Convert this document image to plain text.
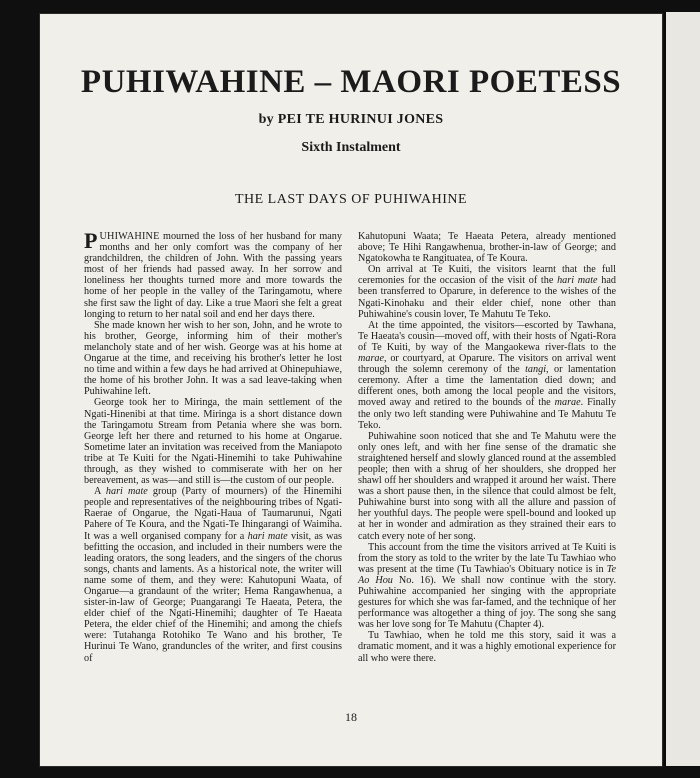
PUHIWAHINE – MAORI POETESS
by PEI TE HURINUI JONES
Sixth Instalment
THE LAST DAYS OF PUHIWAHINE

PUHIWAHINE mourned the loss of her husband for many months and her only comfort was the company of her grandchildren, the children of John. With the passing years most of her friends had passed away. In her sorrow and loneliness her thoughts turned more and more towards the home of her people in the valley of the Taringamotu, where she first saw the light of day. Like a true Maori she felt a great longing to return to her natal soil and end her days there.

She made known her wish to her son, John, and he wrote to his brother, George, informing him of their mother's melancholy state and of her wish. George was at his home at Ongarue at the time, and receiving his brother's letter he lost no time and within a few days he had arrived at Ohinepuhiawe, the home of his brother John. It was a sad leave-taking when Puhiwahine left.

George took her to Miringa, the main settlement of the Ngati-Hinenibi at that time. Miringa is a short distance down the Taringamotu Stream from Petania where she was born. George left her there and returned to his home at Ongarue. Sometime later an invitation was received from the Maniapoto tribe at Te Kuiti for the Ngati-Hinemihi to take Puhiwahine through, as they wished to commiserate with her on her bereavement, as was—and still is—the custom of our people.

A hari mate group (Party of mourners) of the Hinemihi people and representatives of the neighbouring tribes of Ngati-Raerae of Ongarue, the Ngati-Haua of Taumarunui, Ngati Pahere of Te Koura, and the Ngati-Te Ihingarangi of Waimiha. It was a well organised company for a hari mate visit, as was befitting the occasion, and included in their numbers were the leading orators, the song leaders, and the singers of the chorus songs, chants and laments. As a historical note, the writer will name some of them, and they were: Kahutopuni Waata, of Ongarue—a grandaunt of the writer; Hema Rangawhenua, a sister-in-law of George; Puangarangi Te Haeata, Petera, the elder chief of the Ngati-Hinemihi; daughter of Te Haeata Petera, the elder chief of the Hinemihi; and among the chiefs were: Tutahanga Rotohiko Te Wano and his brother, Te Hurinui Te Wano, granduncles of the writer, and first cousins of

Kahutopuni Waata; Te Haeata Petera, already mentioned above; Te Hihi Rangawhenua, brother-in-law of George; and Ngatokowha te Rangituatea, of Te Koura.

On arrival at Te Kuiti, the visitors learnt that the full ceremonies for the occasion of the visit of the hari mate had been transferred to Oparure, in deference to the wishes of the Ngati-Kinohaku and their elder chief, none other than Puhiwahine's cousin lover, Te Mahutu Te Teko.

At the time appointed, the visitors—escorted by Tawhana, Te Haeata's cousin—moved off, with their hosts of Ngati-Rora of Te Kuiti, by way of the Mangaokewa river-flats to the marae, or courtyard, at Oparure. The visitors on arrival went through the solemn ceremony of the tangi, or lamentation ceremony. After a time the lamentation died down; and different ones, both among the local people and the visitors, moved away and retired to the bounds of the marae. Finally the only two left standing were Puhiwahine and Te Mahutu Te Teko.

Puhiwahine soon noticed that she and Te Mahutu were the only ones left, and with her fine sense of the dramatic she straightened herself and slowly glanced round at the assembled people; then with a shrug of her shoulders, she dropped her shawl off her shoulders and wrapped it around her waist. There was a short pause then, in the silence that could almost be felt, Puhiwahine burst into song with all the allure and passion of her youthful days. The people were spell-bound and looked up at her in wonder and admiration as they strained their ears to catch every note of her song.

This account from the time the visitors arrived at Te Kuiti is from the story as told to the writer by the late Tu Tawhiao who was present at the time (Tu Tawhiao's Obituary notice is in Te Ao Hou No. 16). We shall now continue with the story. Puhiwahine accompanied her singing with the appropriate gestures for which she was far-famed, and the technique of her performance was altogether a thing of joy. The song she sang was her love song for Te Mahutu (Chapter 4).

Tu Tawhiao, when he told me this story, said it was a dramatic moment, and it was a highly emotional experience for all who were there.

18
